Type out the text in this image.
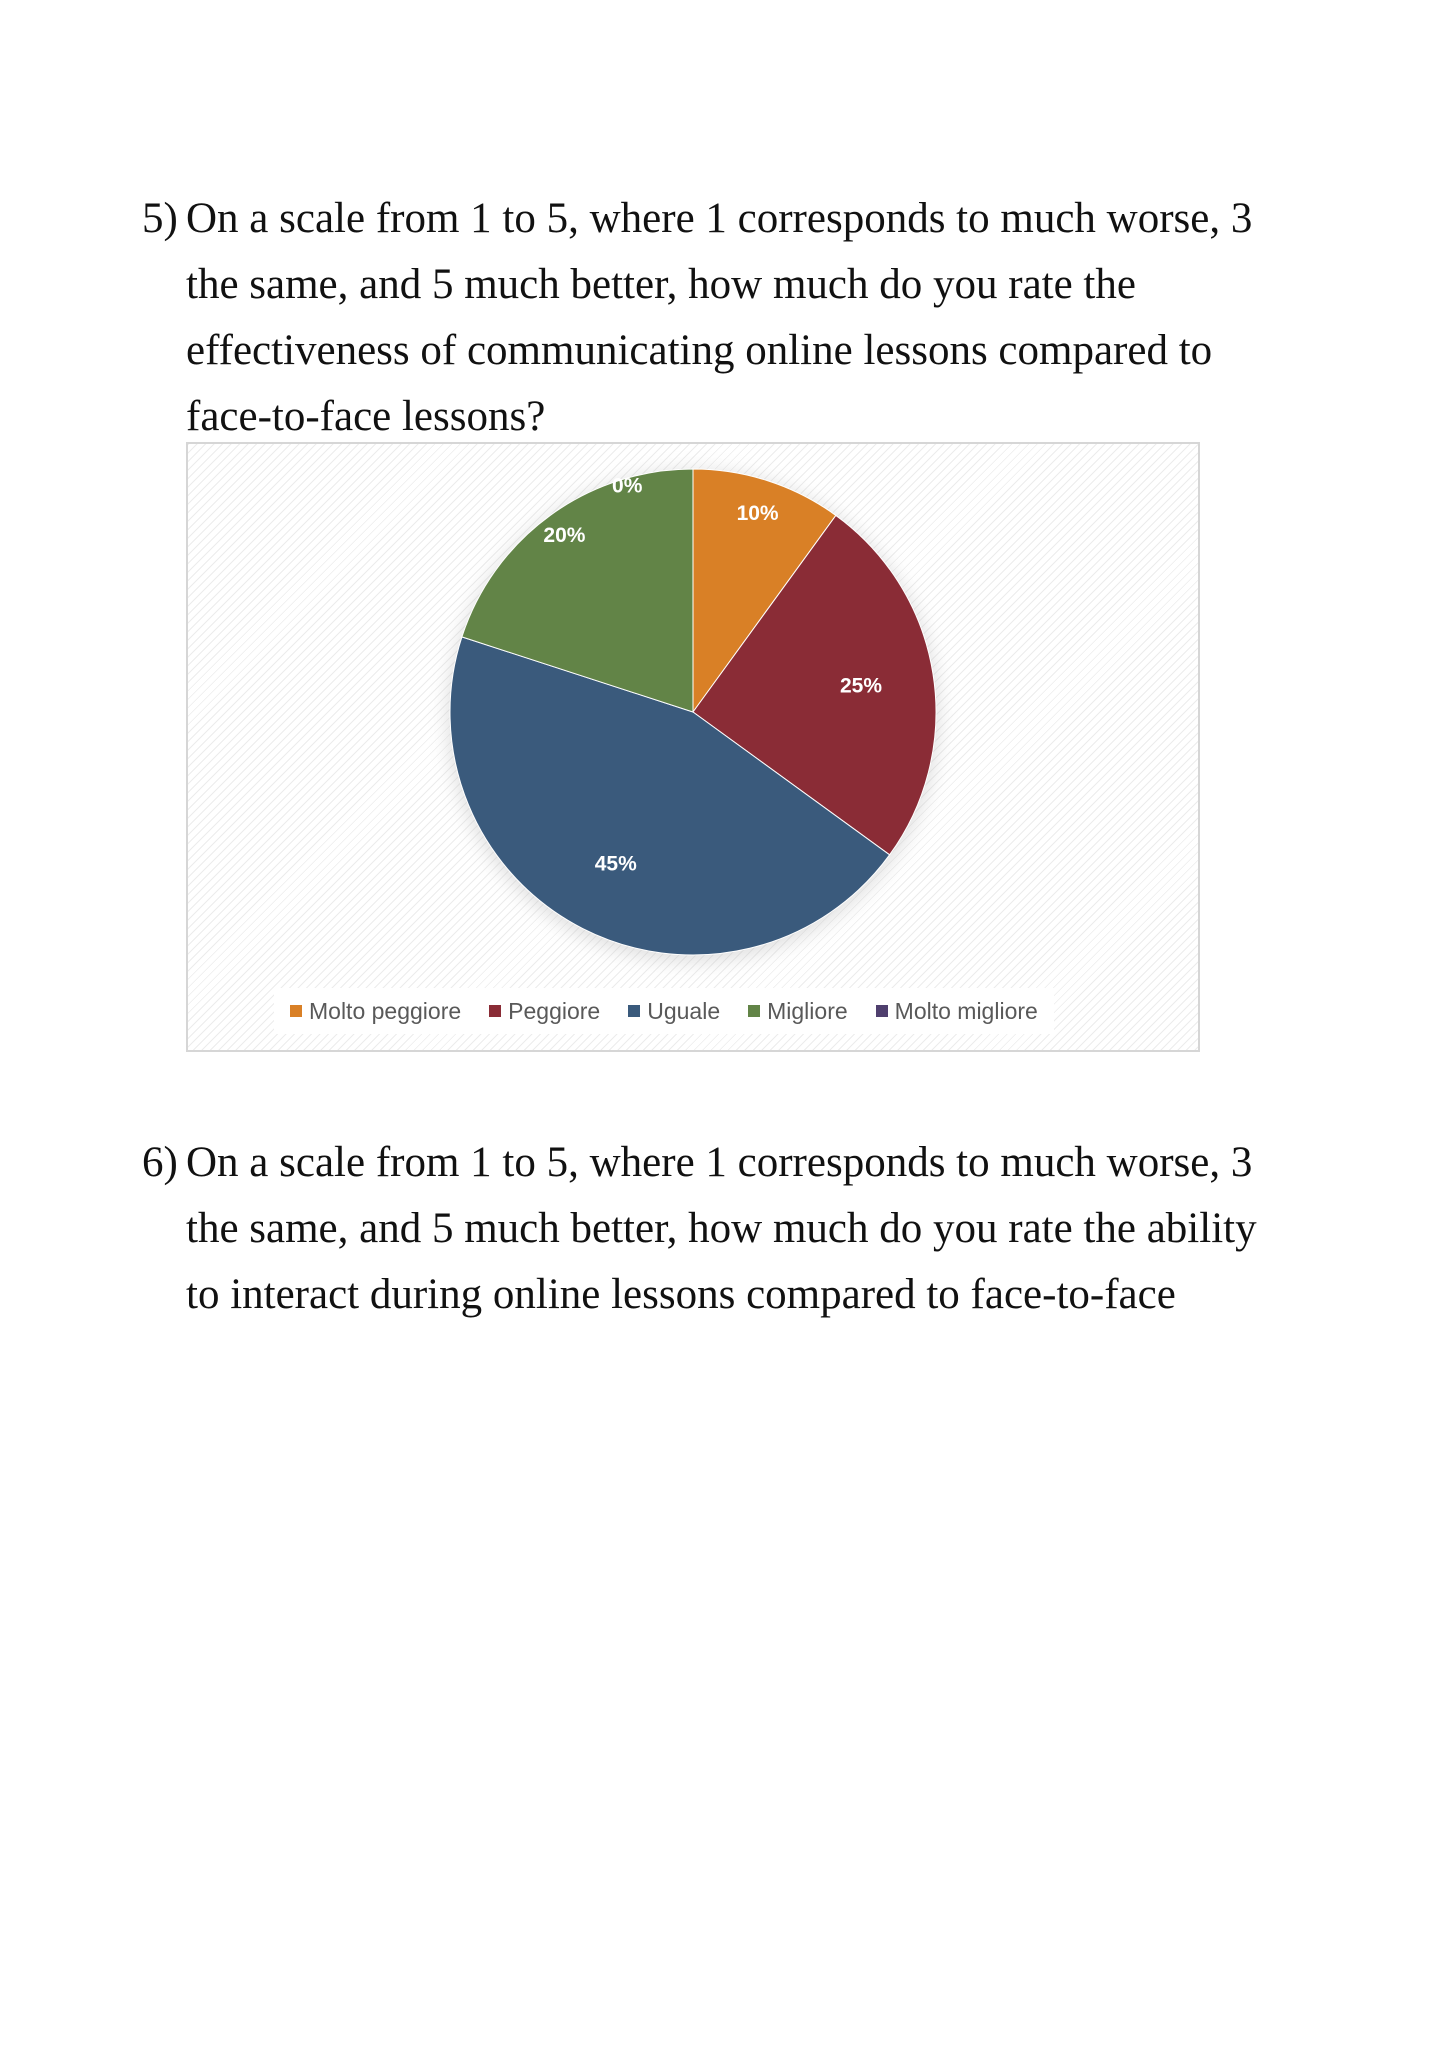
5) On a scale from 1 to 5, where 1 corresponds to much worse, 3
the same, and 5 much better, how much do you rate the
effectiveness of communicating online lessons compared to
face-to-face lessons?
10%
25%
45%
20%
0%
Molto peggiore Peggiore Uguale Migliore Molto migliore
6) On a scale from 1 to 5, where 1 corresponds to much worse, 3
the same, and 5 much better, how much do you rate the ability
to interact during online lessons compared to face-to-face
